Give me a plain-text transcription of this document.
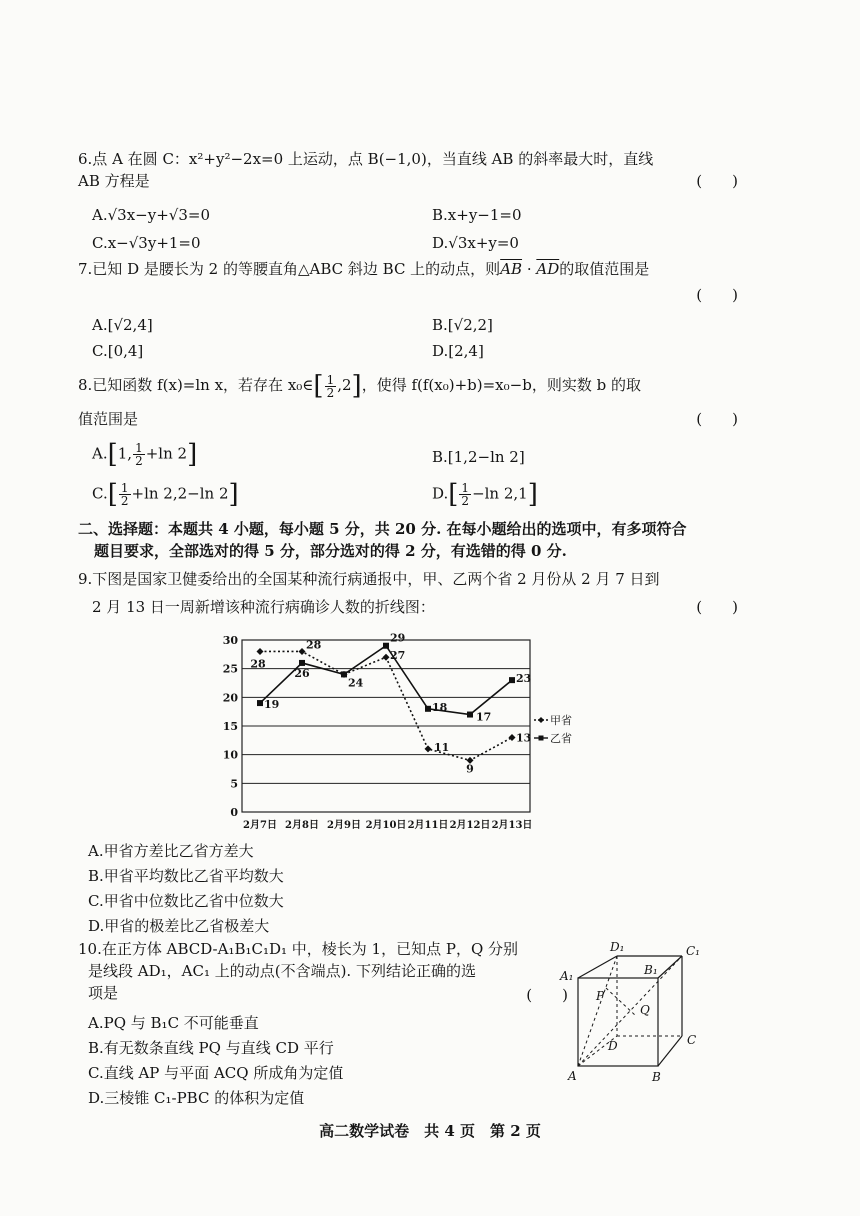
6.点 A 在圆 C：x²+y²−2x=0 上运动，点 B(−1,0)，当直线 AB 的斜率最大时，直线
AB 方程是	(　　)
A.√3x−y+√3=0	B.x+y−1=0
C.x−√3y+1=0	D.√3x+y=0
7.已知 D 是腰长为 2 的等腰直角△ABC 斜边 BC 上的动点，则$\overline{AB} \cdot \overline{AD}$的取值范围是
(　　)
A.[√2,4]	B.[√2,2]
C.[0,4]	D.[2,4]
8.已知函数 f(x)=ln x，若存在 x₀∈[ $\frac{1}{2} ,2$]，使得 f(f(x₀)+b)=x₀−b，则实数 b 的取
值范围是	(　　)
A.[1, $\frac{1}{2} +\ln$ 2]	B.[1,2−ln 2]
$C.[ \frac{1}{2} +\ln$ 2,2−ln 2]	$D.[ \frac{1}{2} -\ln$ 2,1]
二、选择题：本题共 4 小题，每小题 5 分，共 20 分. 在每小题给出的选项中，有多项符合
题目要求，全部选对的得 5 分，部分选对的得 2 分，有选错的得 0 分.
9.下图是国家卫健委给出的全国某种流行病通报中，甲、乙两个省 2 月份从 2 月 7 日到
2 月 13 日一周新增该种流行病确诊人数的折线图：	(　　)
0
5
10
15
20
25
30
2月7日 2月8日 2月9日 2月10日 2月11日 2月12日 2月13日
28
28
24
27
11
9
13
19
26
29
18
17
23
甲省
乙省
A.甲省方差比乙省方差大
B.甲省平均数比乙省平均数大
C.甲省中位数比乙省中位数大
D.甲省的极差比乙省极差大
10.在正方体 ABCD-A₁B₁C₁D₁ 中，棱长为 1，已知点 P，Q 分别
是线段 AD₁，AC₁ 上的动点(不含端点). 下列结论正确的选
项是	(　　)
A.PQ 与 B₁C 不可能垂直
B.有无数条直线 PQ 与直线 CD 平行
C.直线 AP 与平面 ACQ 所成角为定值
D.三棱锥 C₁-PBC 的体积为定值
D₁	C₁
A₁	B₁
P
Q
D	C
A	B
高二数学试卷　共 4 页　第 2 页
